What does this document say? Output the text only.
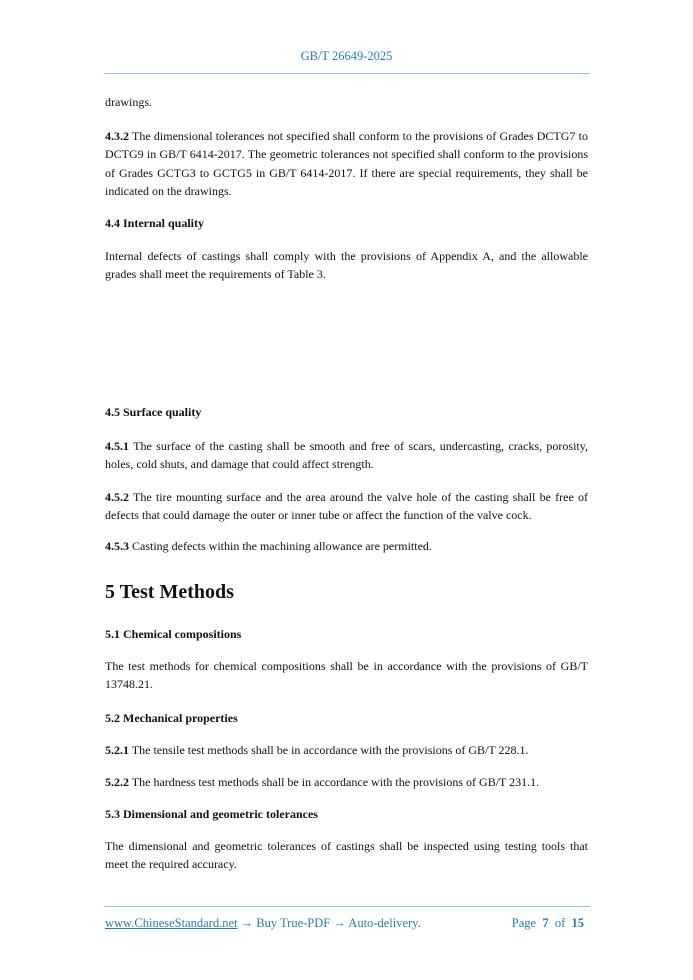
GB/T 26649-2025
drawings.
4.3.2 The dimensional tolerances not specified shall conform to the provisions of Grades DCTG7 to DCTG9 in GB/T 6414-2017. The geometric tolerances not specified shall conform to the provisions of Grades GCTG3 to GCTG5 in GB/T 6414-2017. If there are special requirements, they shall be indicated on the drawings.
4.4 Internal quality
Internal defects of castings shall comply with the provisions of Appendix A, and the allowable grades shall meet the requirements of Table 3.
4.5 Surface quality
4.5.1 The surface of the casting shall be smooth and free of scars, undercasting, cracks, porosity, holes, cold shuts, and damage that could affect strength.
4.5.2 The tire mounting surface and the area around the valve hole of the casting shall be free of defects that could damage the outer or inner tube or affect the function of the valve cock.
4.5.3 Casting defects within the machining allowance are permitted.
5 Test Methods
5.1 Chemical compositions
The test methods for chemical compositions shall be in accordance with the provisions of GB/T 13748.21.
5.2 Mechanical properties
5.2.1 The tensile test methods shall be in accordance with the provisions of GB/T 228.1.
5.2.2 The hardness test methods shall be in accordance with the provisions of GB/T 231.1.
5.3 Dimensional and geometric tolerances
The dimensional and geometric tolerances of castings shall be inspected using testing tools that meet the required accuracy.
www.ChineseStandard.net → Buy True-PDF → Auto-delivery.	Page 7 of 15
